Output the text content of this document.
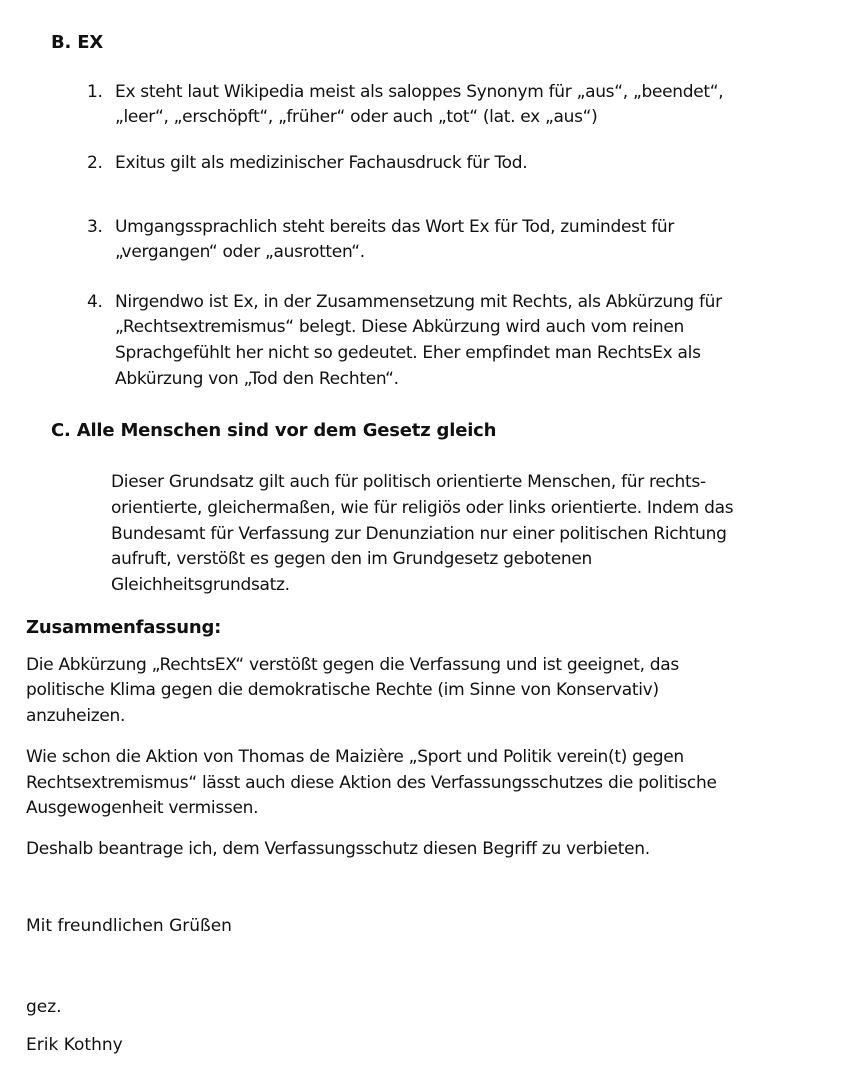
B. EX
1. Ex steht laut Wikipedia meist als saloppes Synonym für „aus“, „beendet“,
„leer“, „erschöpft“, „früher“ oder auch „tot“ (lat. ex „aus“)
2. Exitus gilt als medizinischer Fachausdruck für Tod.
3. Umgangssprachlich steht bereits das Wort Ex für Tod, zumindest für
„vergangen“ oder „ausrotten“.
4. Nirgendwo ist Ex, in der Zusammensetzung mit Rechts, als Abkürzung für
„Rechtsextremismus“ belegt. Diese Abkürzung wird auch vom reinen
Sprachgefühlt her nicht so gedeutet. Eher empfindet man RechtsEx als
Abkürzung von „Tod den Rechten“.
C. Alle Menschen sind vor dem Gesetz gleich
Dieser Grundsatz gilt auch für politisch orientierte Menschen, für rechts-
orientierte, gleichermaßen, wie für religiös oder links orientierte. Indem das
Bundesamt für Verfassung zur Denunziation nur einer politischen Richtung
aufruft, verstößt es gegen den im Grundgesetz gebotenen
Gleichheitsgrundsatz.
Zusammenfassung:
Die Abkürzung „RechtsEX“ verstößt gegen die Verfassung und ist geeignet, das
politische Klima gegen die demokratische Rechte (im Sinne von Konservativ)
anzuheizen.
Wie schon die Aktion von Thomas de Maizière „Sport und Politik verein(t) gegen
Rechtsextremismus“ lässt auch diese Aktion des Verfassungsschutzes die politische
Ausgewogenheit vermissen.
Deshalb beantrage ich, dem Verfassungsschutz diesen Begriff zu verbieten.
Mit freundlichen Grüßen
gez.
Erik Kothny
